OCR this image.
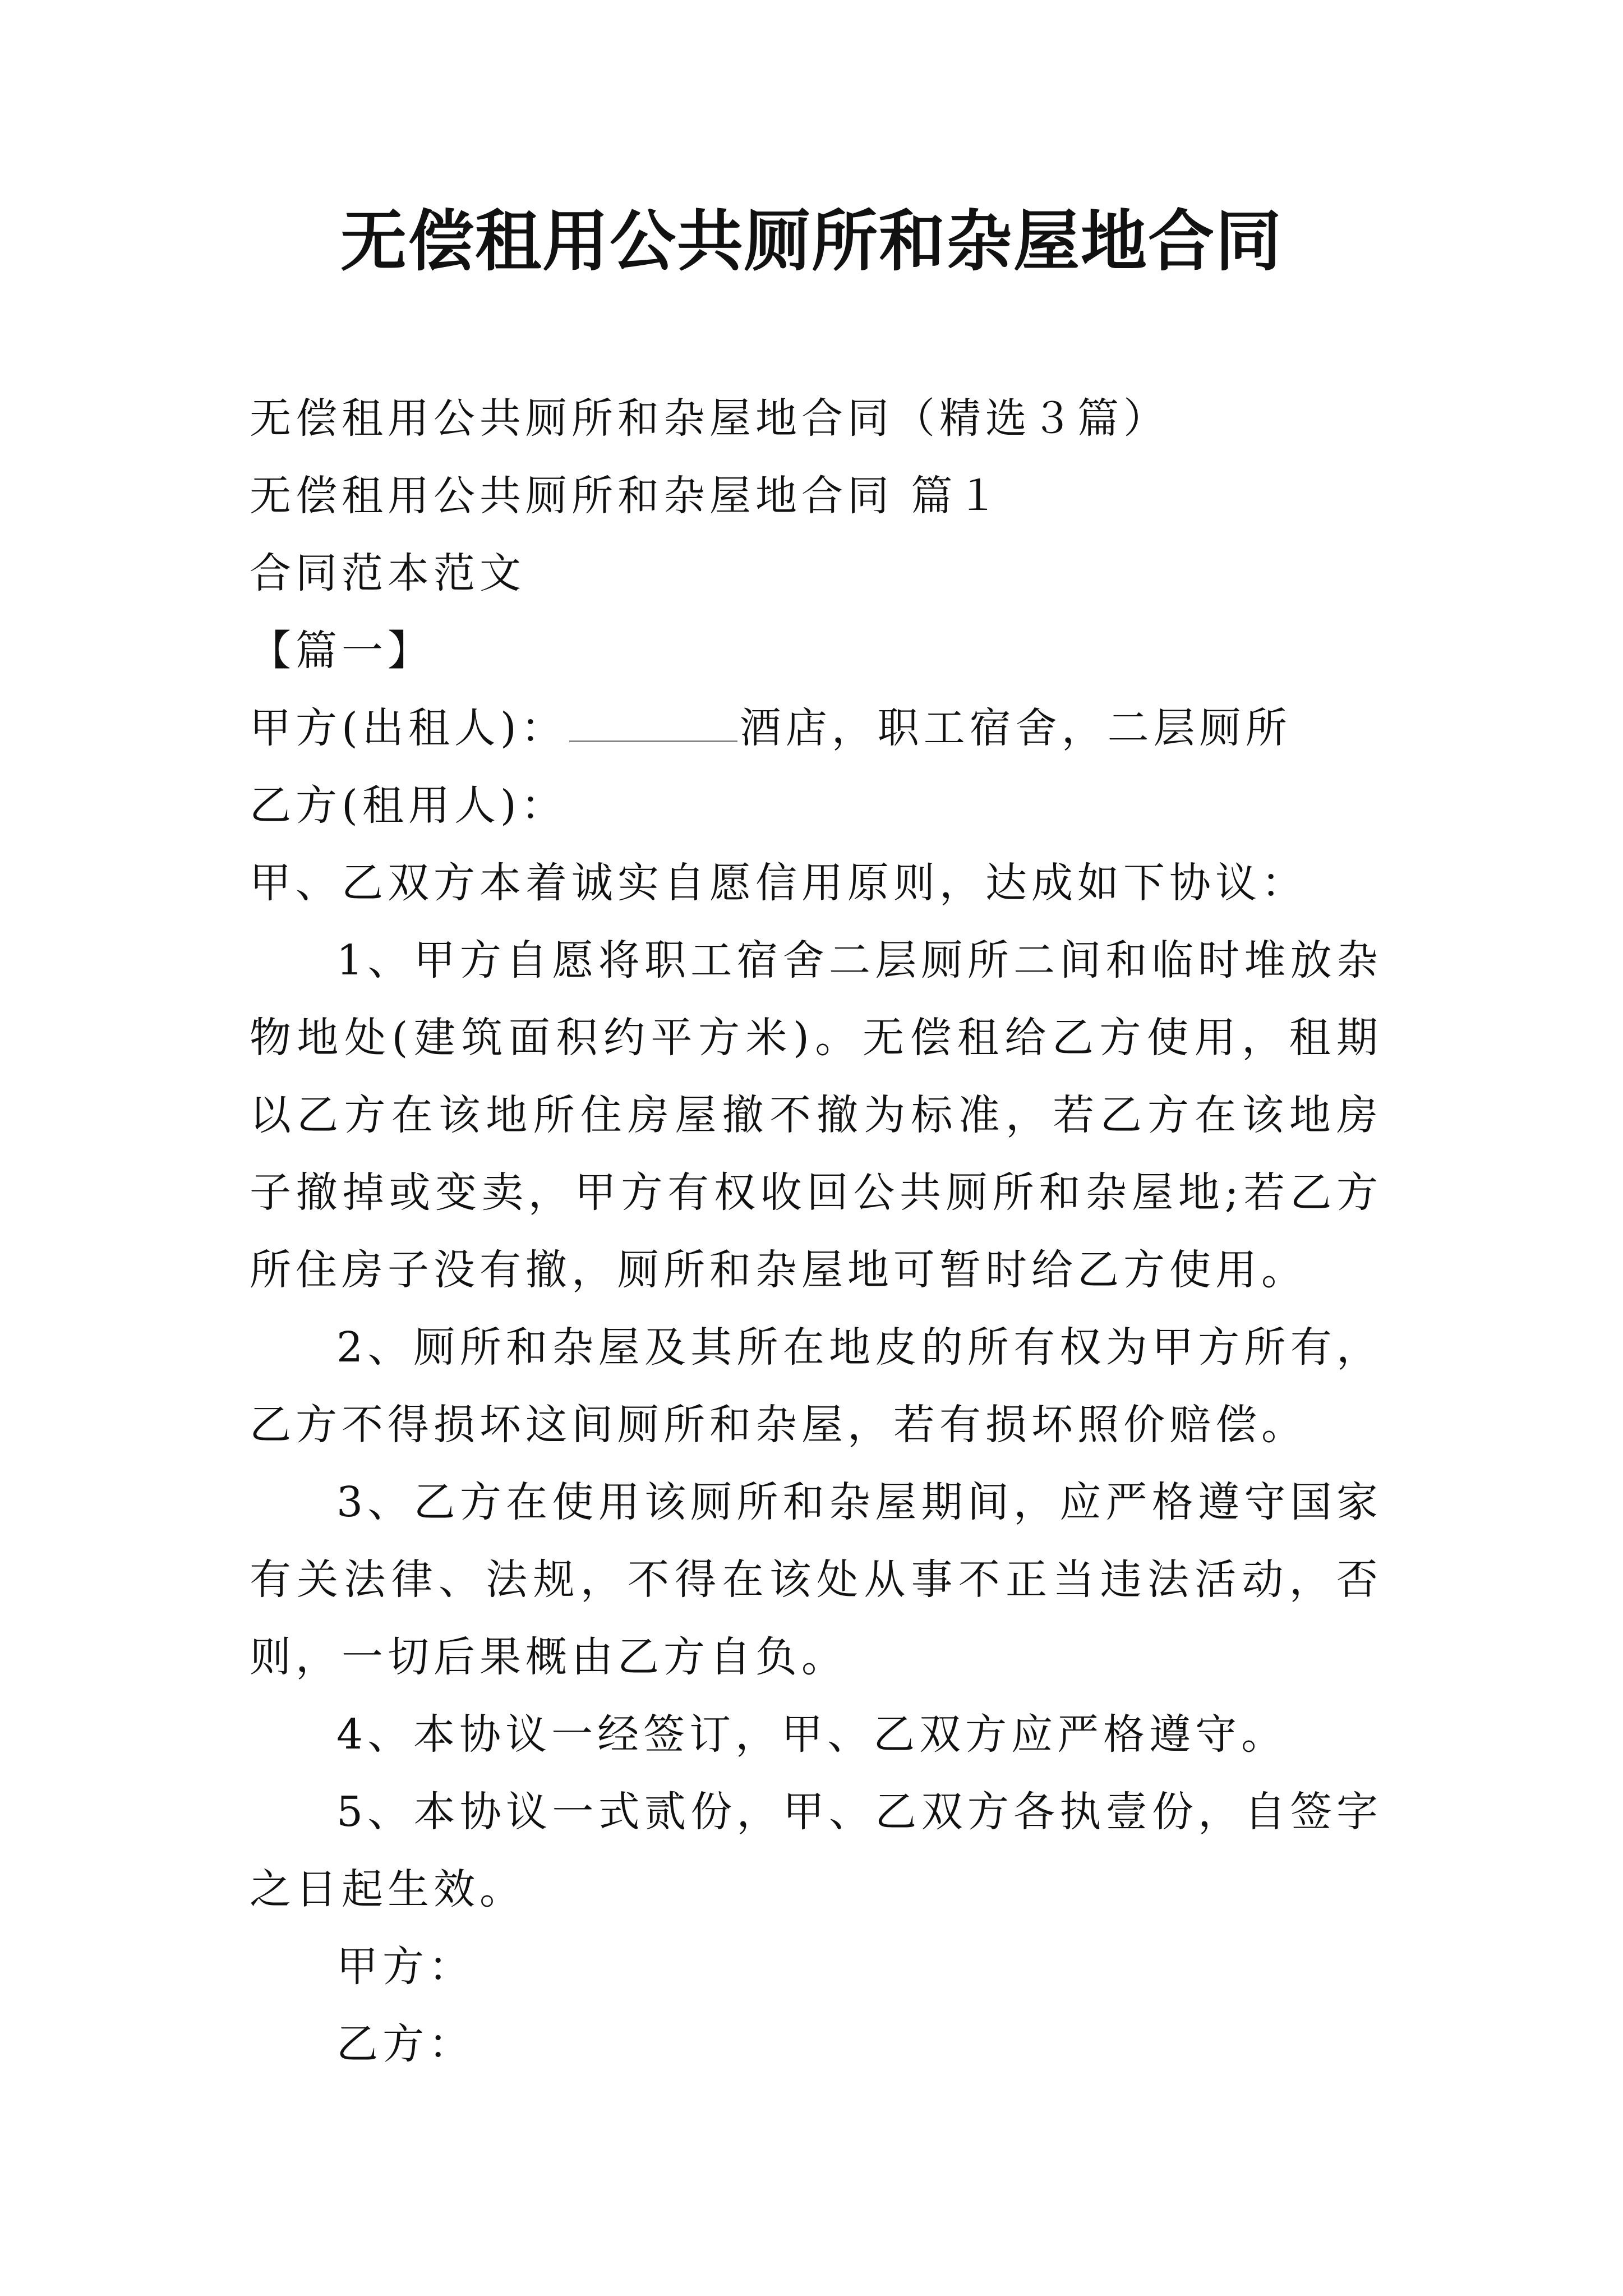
无偿租用公共厕所和杂屋地合同

无偿租用公共厕所和杂屋地合同（精选３篇）

无偿租用公共厕所和杂屋地合同 篇１

合同范本范文

【篇一】

甲方(出租人)：	酒店，职工宿舍，二层厕所

乙方(租用人)：

甲、乙双方本着诚实自愿信用原则，达成如下协议：

1、甲方自愿将职工宿舍二层厕所二间和临时堆放杂物地处(建筑面积约平方米)。无偿租给乙方使用，租期以乙方在该地所住房屋撤不撤为标准，若乙方在该地房子撤掉或变卖，甲方有权收回公共厕所和杂屋地;若乙方所住房子没有撤，厕所和杂屋地可暂时给乙方使用。

2、厕所和杂屋及其所在地皮的所有权为甲方所有，乙方不得损坏这间厕所和杂屋，若有损坏照价赔偿。

3、乙方在使用该厕所和杂屋期间，应严格遵守国家有关法律、法规，不得在该处从事不正当违法活动，否则，一切后果概由乙方自负。

4、本协议一经签订，甲、乙双方应严格遵守。

5、本协议一式贰份，甲、乙双方各执壹份，自签字之日起生效。

甲方：

乙方：
